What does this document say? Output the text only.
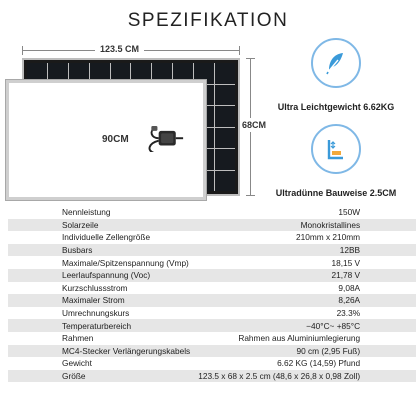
SPEZIFIKATION
123.5 CM
68CM
90CM
Ultra Leichtgewicht 6.62KG
Ultradünne Bauweise 2.5CM
Nennleistung	150W
Solarzeile	Monokristallines
Individuelle Zellengröße	210mm x 210mm
Busbars	12BB
Maximale/Spitzenspannung (Vmp)	18,15 V
Leerlaufspannung (Voc)	21,78 V
Kurzschlussstrom	9,08A
Maximaler Strom	8,26A
Umrechnungskurs	23.3%
Temperaturbereich	−40°C~ +85°C
Rahmen	Rahmen aus Aluminiumlegierung
MC4-Stecker Verlängerungskabels	90 cm (2,95 Fuß)
Gewicht	6.62 KG (14,59) Pfund
Größe	123.5 x 68 x 2.5 cm (48,6 x 26,8 x 0,98 Zoll)
